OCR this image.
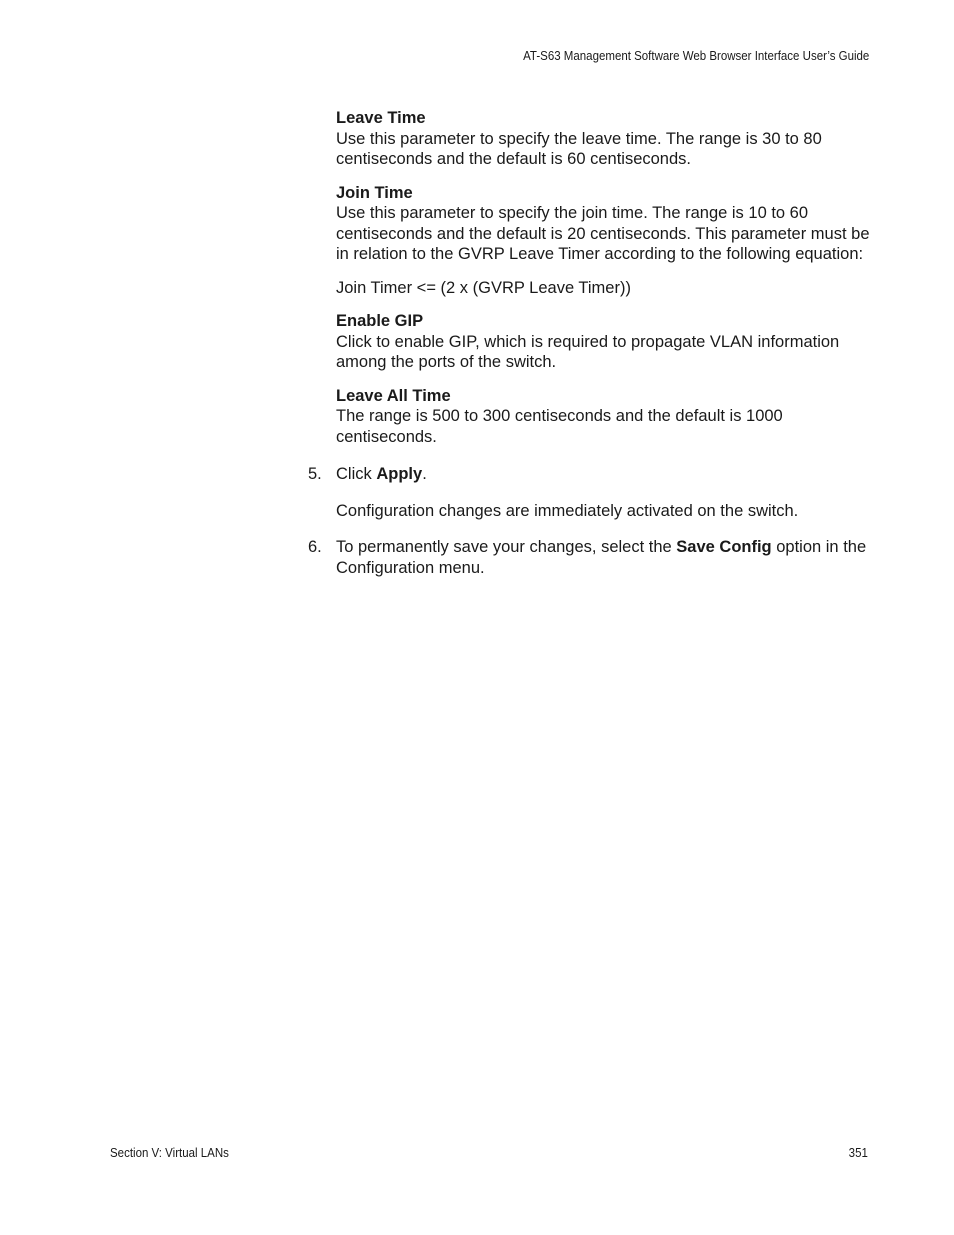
AT-S63 Management Software Web Browser Interface User’s Guide
Leave Time
Use this parameter to specify the leave time. The range is 30 to 80 centiseconds and the default is 60 centiseconds.
Join Time
Use this parameter to specify the join time. The range is 10 to 60 centiseconds and the default is 20 centiseconds. This parameter must be in relation to the GVRP Leave Timer according to the following equation:
Join Timer <= (2 x (GVRP Leave Timer))
Enable GIP
Click to enable GIP, which is required to propagate VLAN information among the ports of the switch.
Leave All Time
The range is 500 to 300 centiseconds and the default is 1000 centiseconds.
5. Click Apply.
Configuration changes are immediately activated on the switch.
6. To permanently save your changes, select the Save Config option in the Configuration menu.
Section V: Virtual LANs	351
